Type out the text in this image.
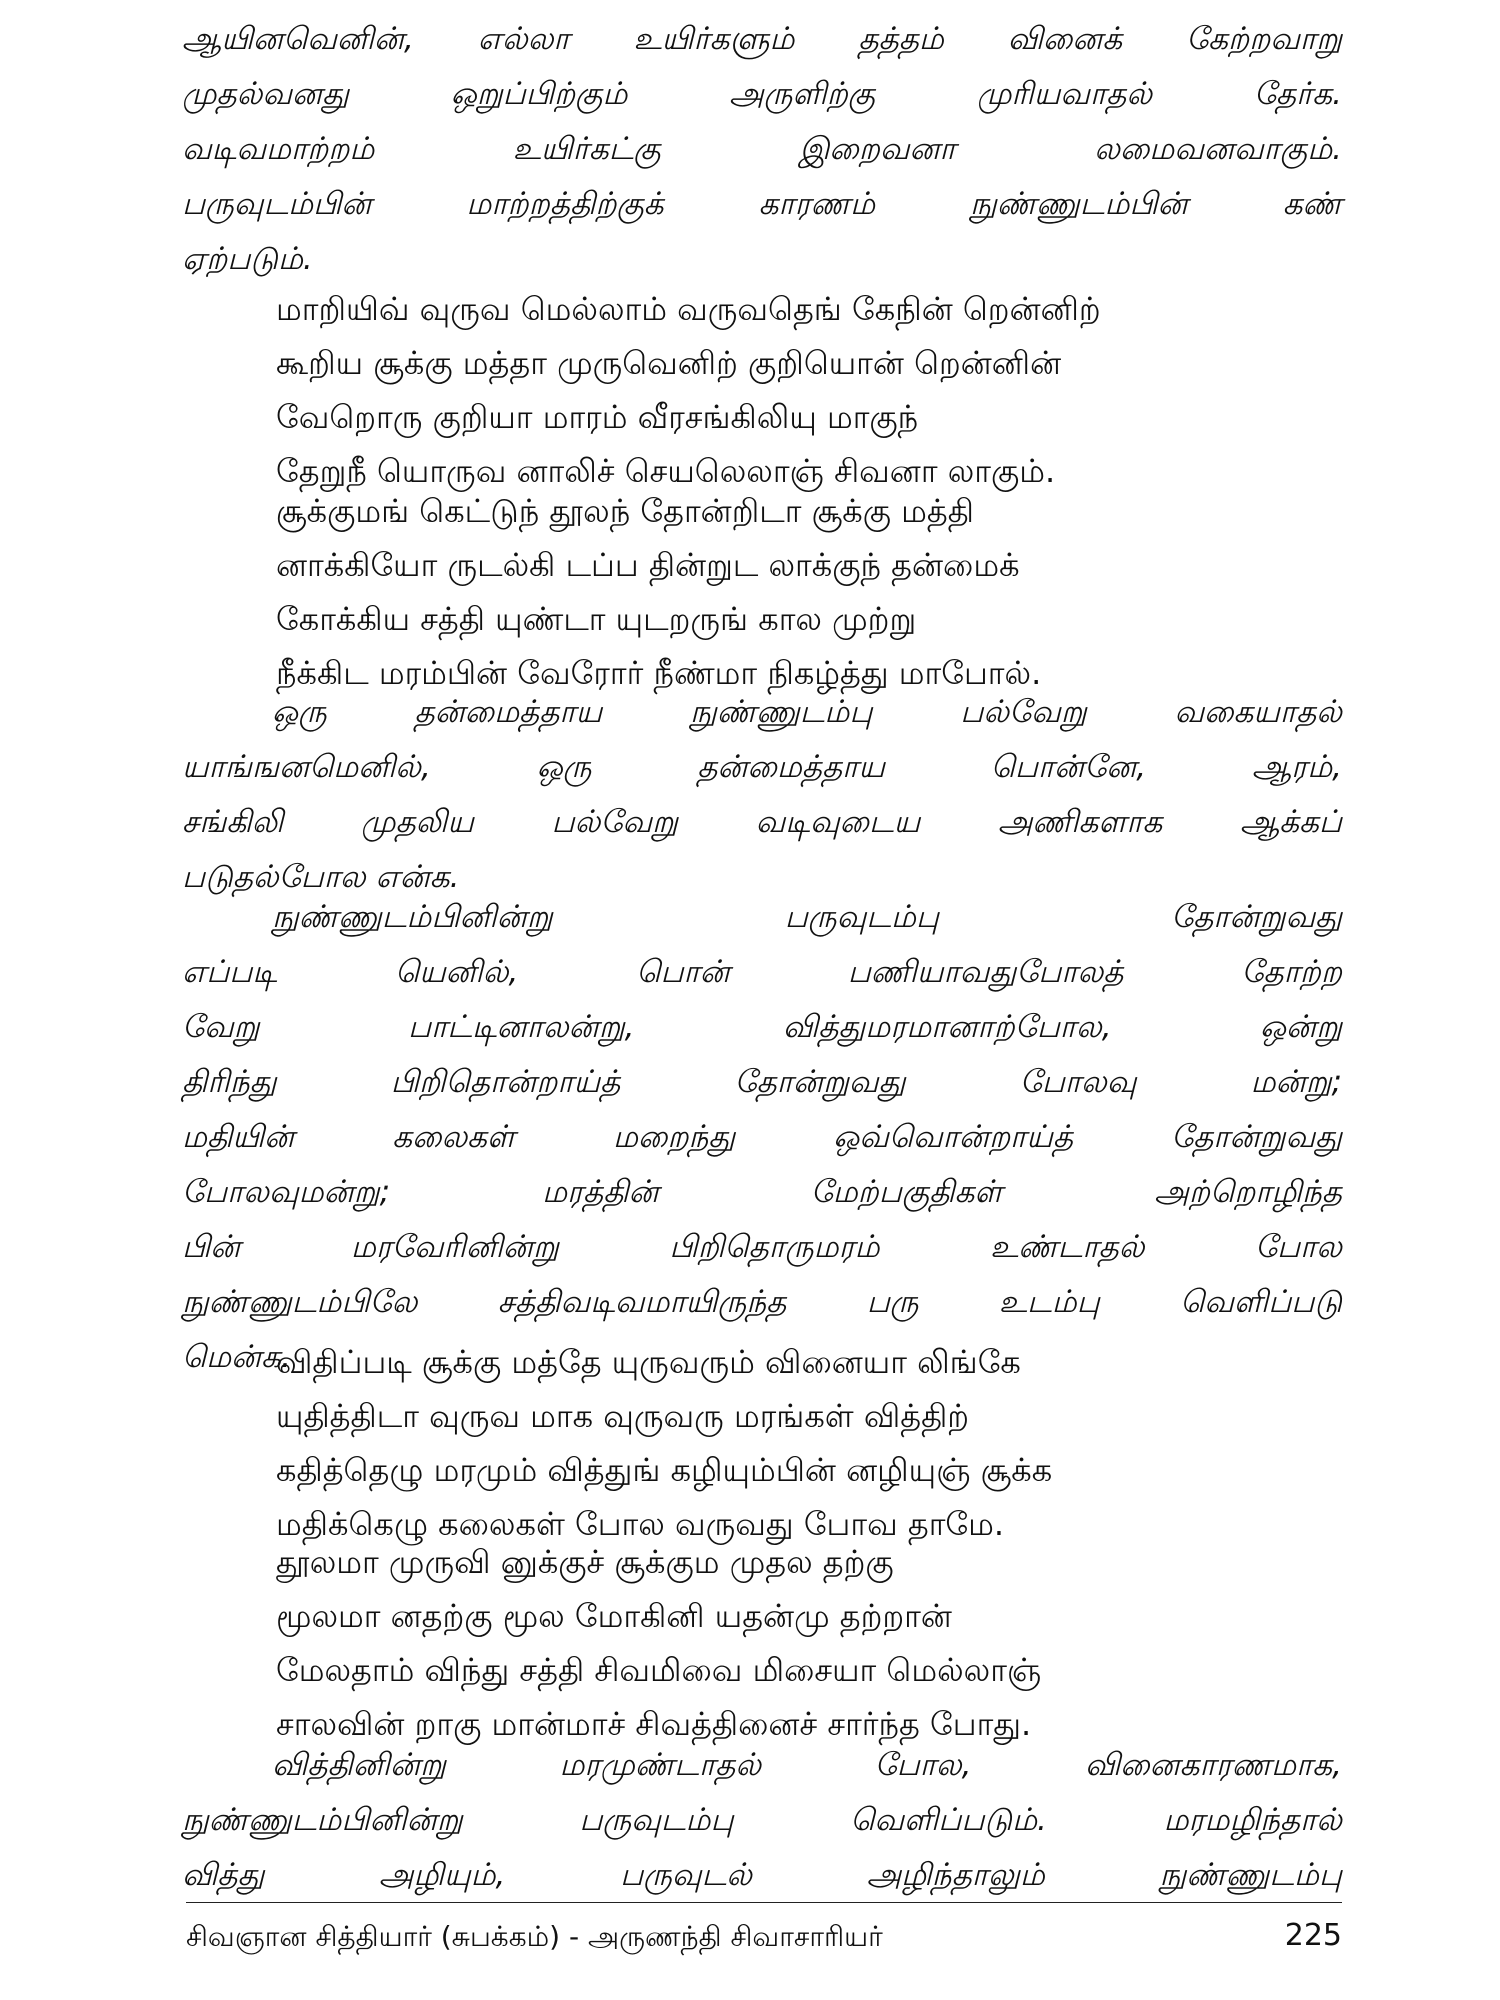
ஆயினவெனின், எல்லா உயிர்களும் தத்தம் வினைக் கேற்றவாறு
முதல்வனது ஒறுப்பிற்கும் அருளிற்கு முரியவாதல் தேர்க.
வடிவமாற்றம் உயிர்கட்கு இறைவனா லமைவனவாகும்.
பருவுடம்பின் மாற்றத்திற்குக் காரணம் நுண்ணுடம்பின் கண்
ஏற்படும்.
மாறியிவ் வுருவ மெல்லாம் வருவதெங் கேநின் றென்னிற்
கூறிய சூக்கு மத்தா முருவெனிற் குறியொன் றென்னின்
வேறொரு குறியா மாரம் வீரசங்கிலியு மாகுந்
தேறுநீ யொருவ னாலிச் செயலெலாஞ் சிவனா லாகும்.
சூக்குமங் கெட்டுந் தூலந் தோன்றிடா சூக்கு மத்தி
னாக்கியோ ருடல்கி டப்ப தின்றுட லாக்குந் தன்மைக்
கோக்கிய சத்தி யுண்டா யுடறருங் கால முற்று
நீக்கிட மரம்பின் வேரோர் நீண்மா நிகழ்த்து மாபோல்.
ஒரு தன்மைத்தாய நுண்ணுடம்பு பல்வேறு வகையாதல்
யாங்ஙனமெனில், ஒரு தன்மைத்தாய பொன்னே, ஆரம்,
சங்கிலி முதலிய பல்வேறு வடிவுடைய அணிகளாக ஆக்கப்
படுதல்போல என்க.
நுண்ணுடம்பினின்று பருவுடம்பு தோன்றுவது
எப்படி யெனில், பொன் பணியாவதுபோலத் தோற்ற
வேறு பாட்டினாலன்று, வித்துமரமானாற்போல, ஒன்று
திரிந்து பிறிதொன்றாய்த் தோன்றுவது போலவு மன்று;
மதியின் கலைகள் மறைந்து ஒவ்வொன்றாய்த் தோன்றுவது
போலவுமன்று; மரத்தின் மேற்பகுதிகள் அற்றொழிந்த
பின் மரவேரினின்று பிறிதொருமரம் உண்டாதல் போல
நுண்ணுடம்பிலே சத்திவடிவமாயிருந்த பரு உடம்பு வெளிப்படு
மென்க.
விதிப்படி சூக்கு மத்தே யுருவரும் வினையா லிங்கே
யுதித்திடா வுருவ மாக வுருவரு மரங்கள் வித்திற்
கதித்தெழு மரமும் வித்துங் கழியும்பின் னழியுஞ் சூக்க
மதிக்கெழு கலைகள் போல வருவது போவ தாமே.
தூலமா முருவி னுக்குச் சூக்கும முதல தற்கு
மூலமா னதற்கு மூல மோகினி யதன்மு தற்றான்
மேலதாம் விந்து சத்தி சிவமிவை மிசையா மெல்லாஞ்
சாலவின் றாகு மான்மாச் சிவத்தினைச் சார்ந்த போது.
வித்தினின்று மரமுண்டாதல் போல, வினைகாரணமாக,
நுண்ணுடம்பினின்று பருவுடம்பு வெளிப்படும். மரமழிந்தால்
வித்து அழியும், பருவுடல் அழிந்தாலும் நுண்ணுடம்பு
சிவஞான சித்தியார் (சுபக்கம்) - அருணந்தி சிவாசாரியர்	225
